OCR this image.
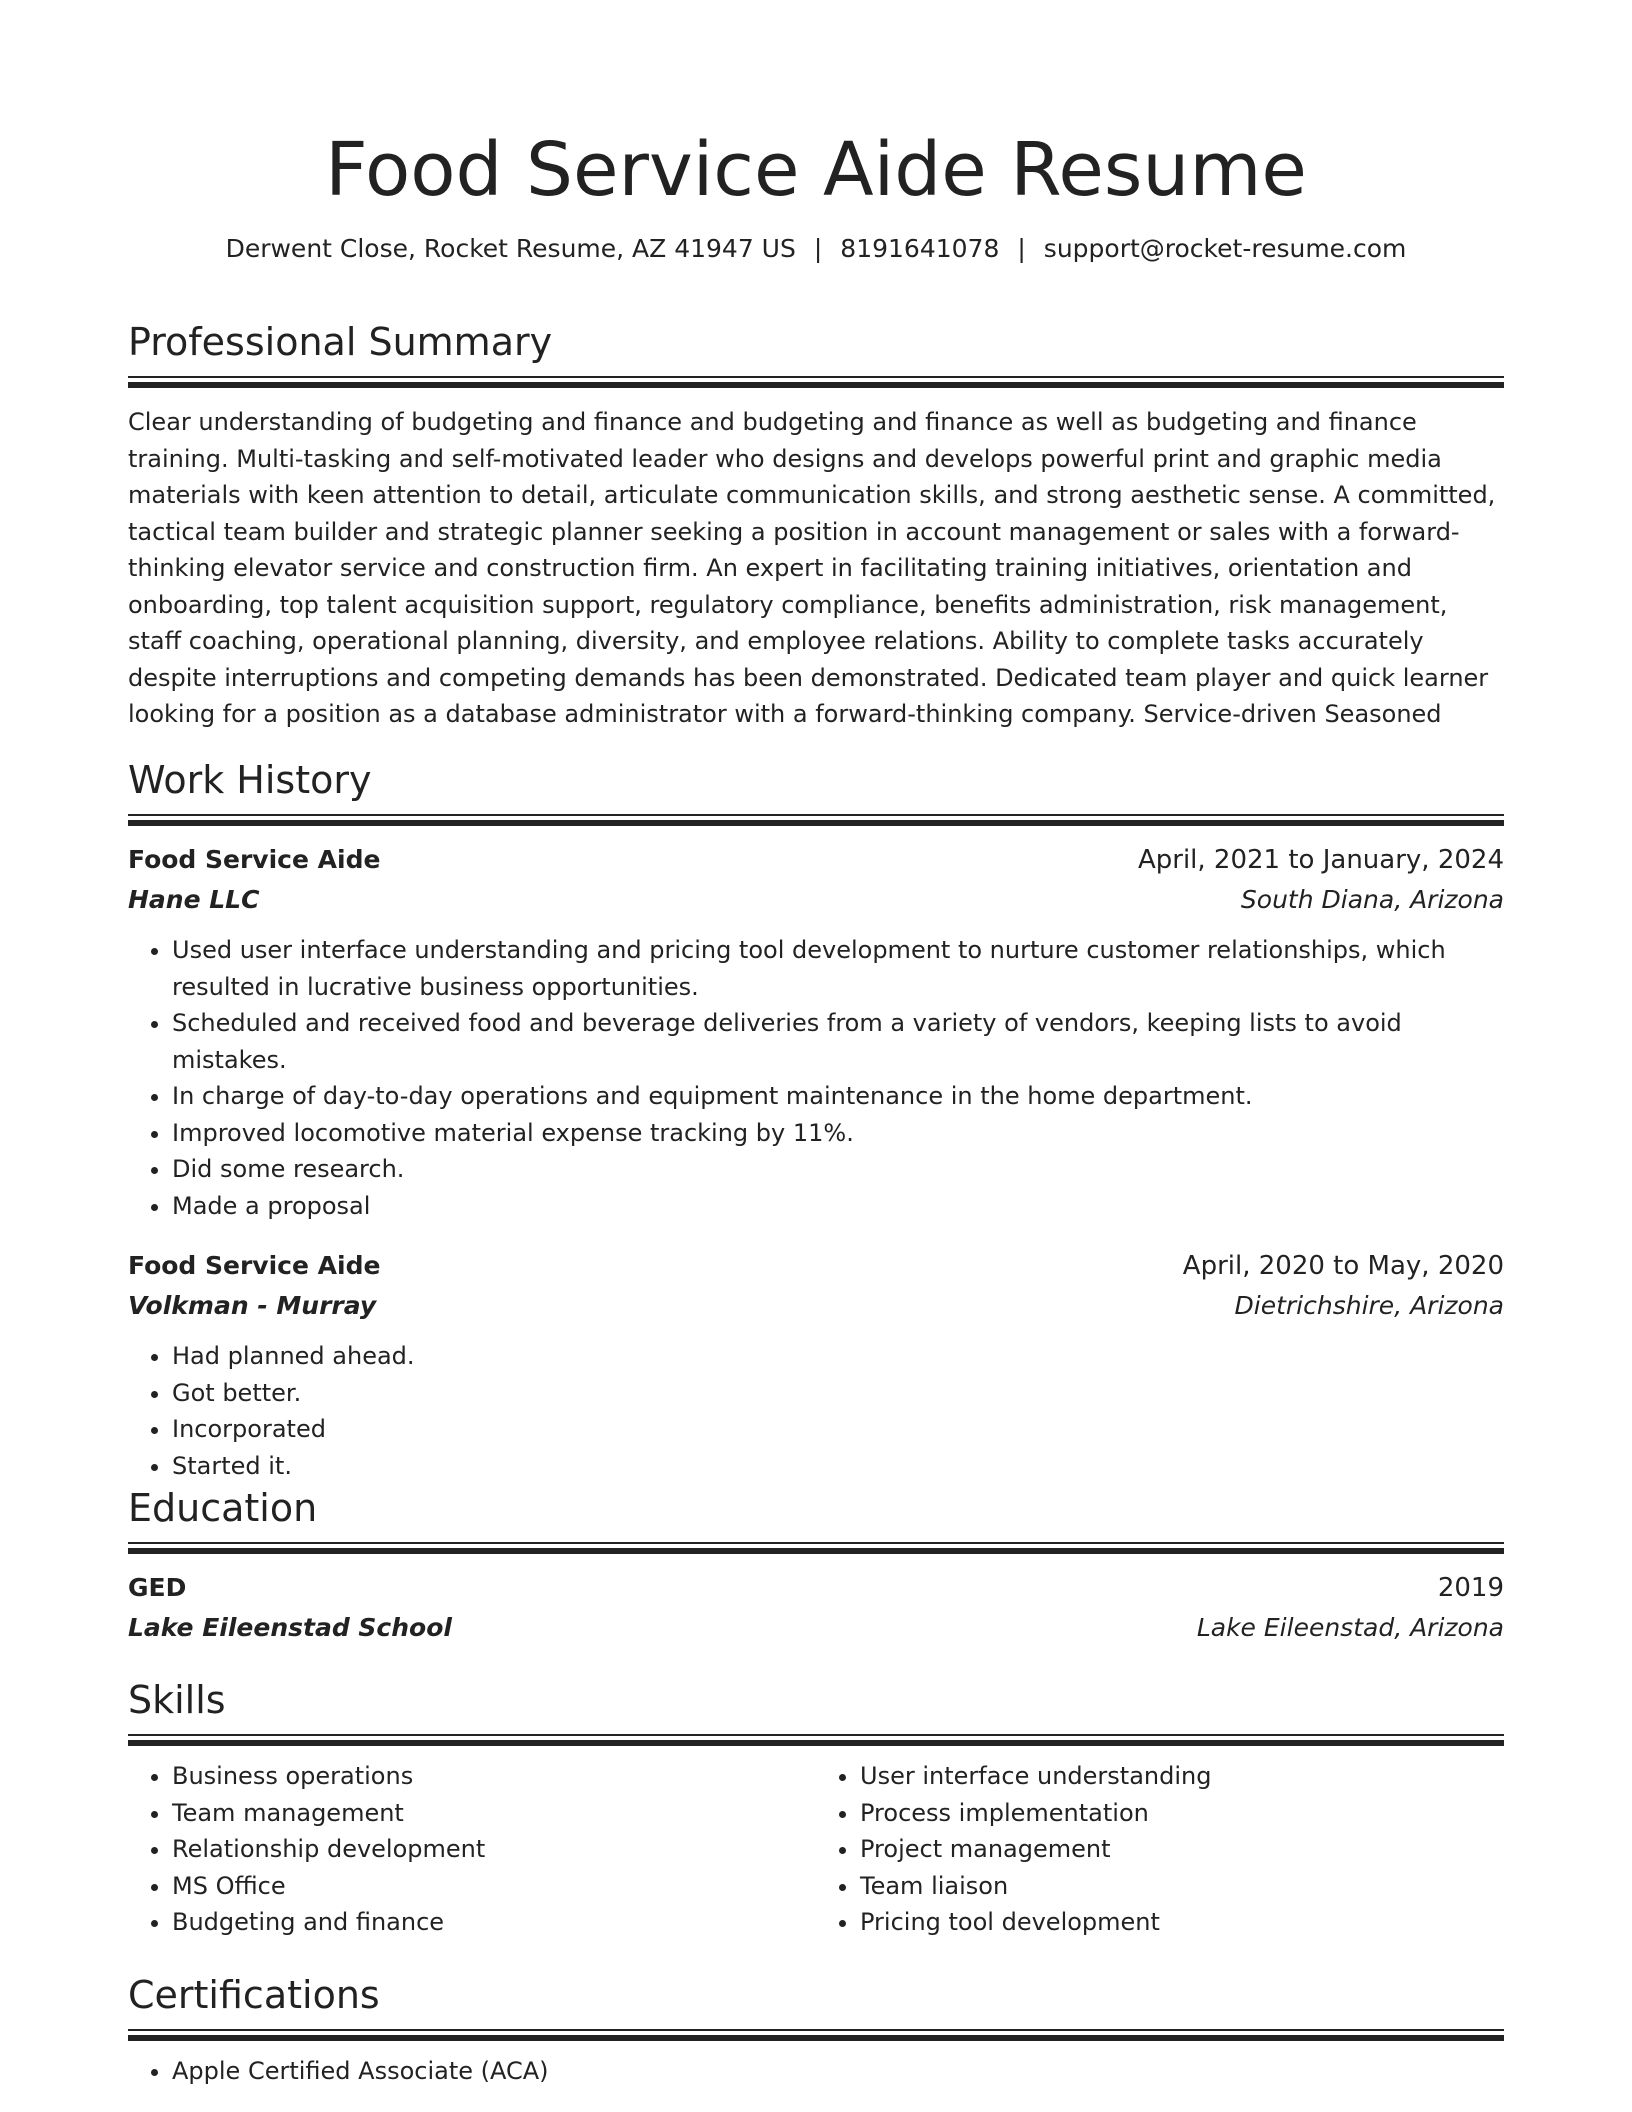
Food Service Aide Resume
Derwent Close, Rocket Resume, AZ 41947 US | 8191641078 | support@rocket-resume.com
Professional Summary
Clear understanding of budgeting and finance and budgeting and finance as well as budgeting and finance training. Multi-tasking and self-motivated leader who designs and develops powerful print and graphic media materials with keen attention to detail, articulate communication skills, and strong aesthetic sense. A committed, tactical team builder and strategic planner seeking a position in account management or sales with a forward-thinking elevator service and construction firm. An expert in facilitating training initiatives, orientation and onboarding, top talent acquisition support, regulatory compliance, benefits administration, risk management, staff coaching, operational planning, diversity, and employee relations. Ability to complete tasks accurately despite interruptions and competing demands has been demonstrated. Dedicated team player and quick learner looking for a position as a database administrator with a forward-thinking company. Service-driven Seasoned
Work History
Food Service Aide	April, 2021 to January, 2024
Hane LLC	South Diana, Arizona
• Used user interface understanding and pricing tool development to nurture customer relationships, which resulted in lucrative business opportunities.
• Scheduled and received food and beverage deliveries from a variety of vendors, keeping lists to avoid mistakes.
• In charge of day-to-day operations and equipment maintenance in the home department.
• Improved locomotive material expense tracking by 11%.
• Did some research.
• Made a proposal
Food Service Aide	April, 2020 to May, 2020
Volkman - Murray	Dietrichshire, Arizona
• Had planned ahead.
• Got better.
• Incorporated
• Started it.
Education
GED	2019
Lake Eileenstad School	Lake Eileenstad, Arizona
Skills
• Business operations
• Team management
• Relationship development
• MS Office
• Budgeting and finance
• User interface understanding
• Process implementation
• Project management
• Team liaison
• Pricing tool development
Certifications
• Apple Certified Associate (ACA)
